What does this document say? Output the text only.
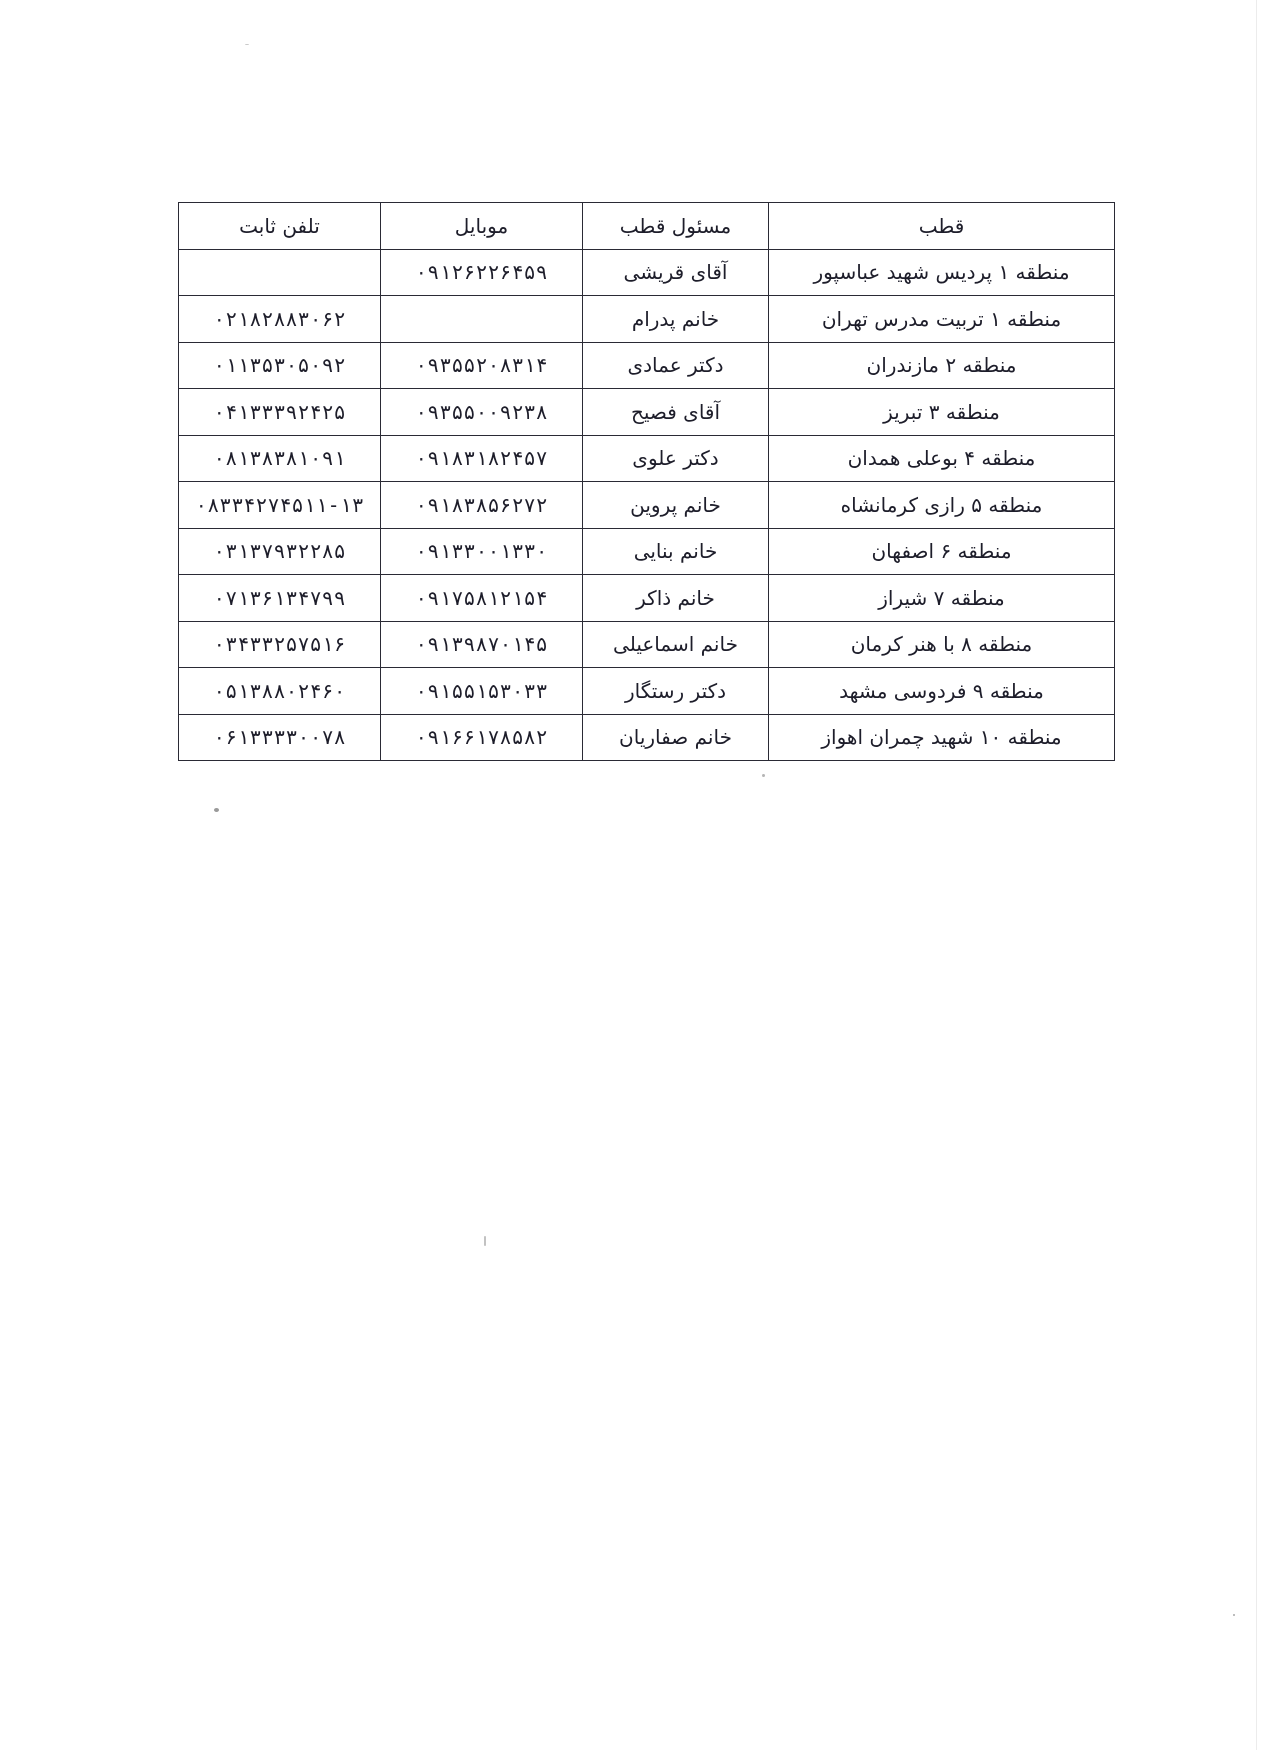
قطب	مسئول قطب	موبایل	تلفن ثابت
منطقه ۱ پردیس شهید عباسپور	آقای قریشی	۰۹۱۲۶۲۲۶۴۵۹	
منطقه ۱ تربیت مدرس تهران	خانم پدرام		۰۲۱۸۲۸۸۳۰۶۲
منطقه ۲ مازندران	دکتر عمادی	۰۹۳۵۵۲۰۸۳۱۴	۰۱۱۳۵۳۰۵۰۹۲
منطقه ۳ تبریز	آقای فصیح	۰۹۳۵۵۰۰۹۲۳۸	۰۴۱۳۳۳۹۲۴۲۵
منطقه ۴ بوعلی همدان	دکتر علوی	۰۹۱۸۳۱۸۲۴۵۷	۰۸۱۳۸۳۸۱۰۹۱
منطقه ۵ رازی کرمانشاه	خانم پروین	۰۹۱۸۳۸۵۶۲۷۲	۰۸۳۳۴۲۷۴۵۱۱-۱۳
منطقه ۶ اصفهان	خانم بنایی	۰۹۱۳۳۰۰۱۳۳۰	۰۳۱۳۷۹۳۲۲۸۵
منطقه ۷ شیراز	خانم ذاکر	۰۹۱۷۵۸۱۲۱۵۴	۰۷۱۳۶۱۳۴۷۹۹
منطقه ۸ با هنر کرمان	خانم اسماعیلی	۰۹۱۳۹۸۷۰۱۴۵	۰۳۴۳۳۲۵۷۵۱۶
منطقه ۹ فردوسی مشهد	دکتر رستگار	۰۹۱۵۵۱۵۳۰۳۳	۰۵۱۳۸۸۰۲۴۶۰
منطقه ۱۰ شهید چمران اهواز	خانم صفاریان	۰۹۱۶۶۱۷۸۵۸۲	۰۶۱۳۳۳۳۰۰۷۸
